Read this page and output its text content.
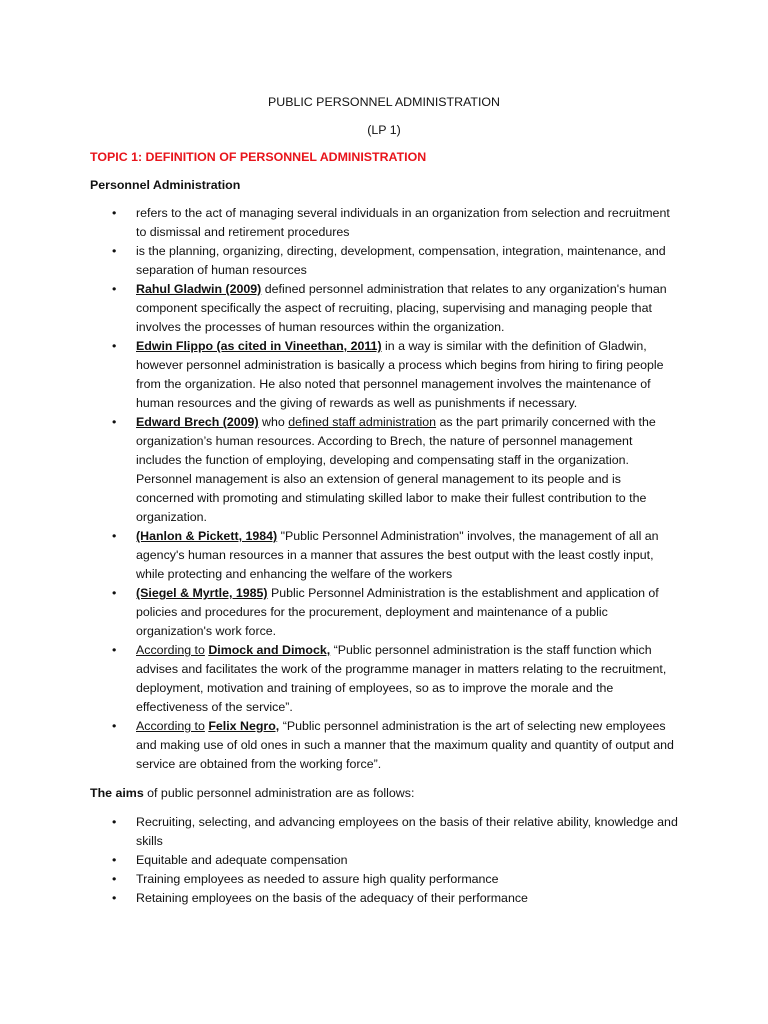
PUBLIC PERSONNEL ADMINISTRATION

(LP 1)

TOPIC 1: DEFINITION OF PERSONNEL ADMINISTRATION

Personnel Administration

• refers to the act of managing several individuals in an organization from selection and recruitment to dismissal and retirement procedures
• is the planning, organizing, directing, development, compensation, integration, maintenance, and separation of human resources
• Rahul Gladwin (2009) defined personnel administration that relates to any organization's human component specifically the aspect of recruiting, placing, supervising and managing people that involves the processes of human resources within the organization.
• Edwin Flippo (as cited in Vineethan, 2011) in a way is similar with the definition of Gladwin, however personnel administration is basically a process which begins from hiring to firing people from the organization. He also noted that personnel management involves the maintenance of human resources and the giving of rewards as well as punishments if necessary.
• Edward Brech (2009) who defined staff administration as the part primarily concerned with the organization’s human resources. According to Brech, the nature of personnel management includes the function of employing, developing and compensating staff in the organization. Personnel management is also an extension of general management to its people and is concerned with promoting and stimulating skilled labor to make their fullest contribution to the organization.
• (Hanlon & Pickett, 1984) "Public Personnel Administration" involves, the management of all an agency's human resources in a manner that assures the best output with the least costly input, while protecting and enhancing the welfare of the workers
• (Siegel & Myrtle, 1985) Public Personnel Administration is the establishment and application of policies and procedures for the procurement, deployment and maintenance of a public organization's work force.
• According to Dimock and Dimock, “Public personnel administration is the staff function which advises and facilitates the work of the programme manager in matters relating to the recruitment, deployment, motivation and training of employees, so as to improve the morale and the effectiveness of the service”.
• According to Felix Negro, “Public personnel administration is the art of selecting new employees and making use of old ones in such a manner that the maximum quality and quantity of output and service are obtained from the working force”.

The aims of public personnel administration are as follows:

• Recruiting, selecting, and advancing employees on the basis of their relative ability, knowledge and skills
• Equitable and adequate compensation
• Training employees as needed to assure high quality performance
• Retaining employees on the basis of the adequacy of their performance
